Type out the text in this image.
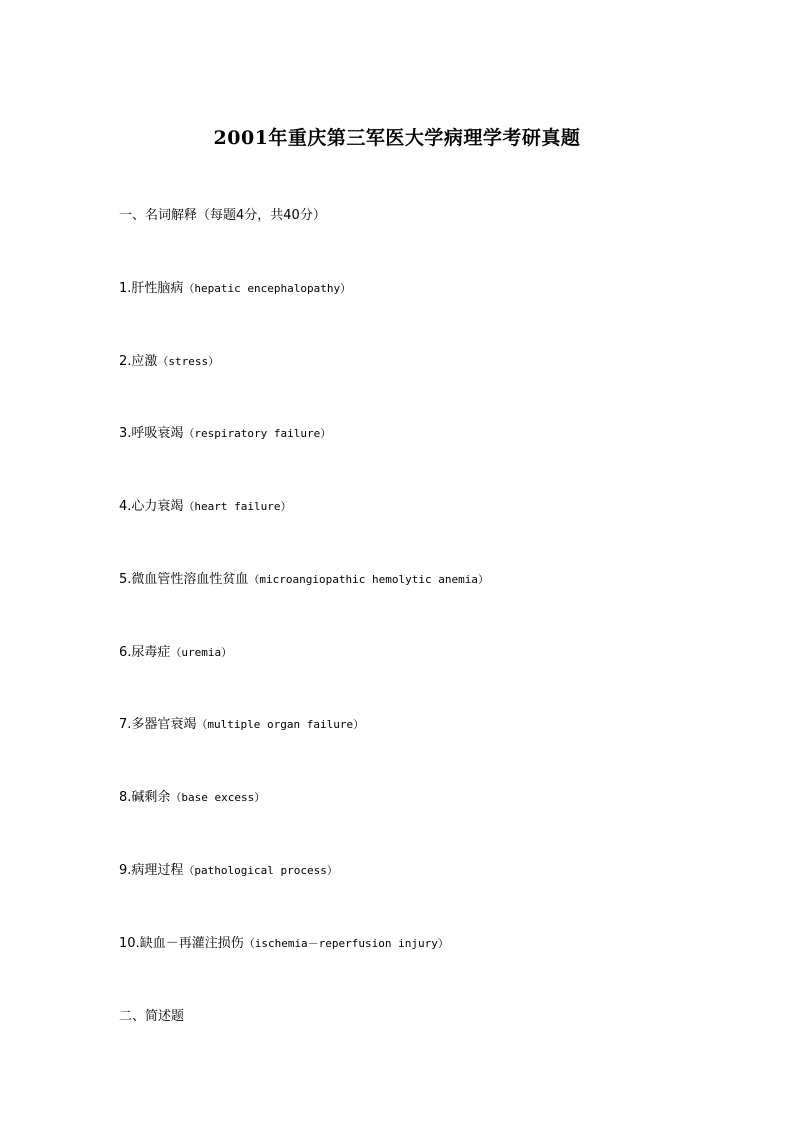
2001年重庆第三军医大学病理学考研真题
一、名词解释（每题4分，共40分）
1.肝性脑病（hepatic encephalopathy）
2.应激（stress）
3.呼吸衰竭（respiratory failure）
4.心力衰竭（heart failure）
5.微血管性溶血性贫血（microangiopathic hemolytic anemia）
6.尿毒症（uremia）
7.多器官衰竭（multiple organ failure）
8.碱剩余（base excess）
9.病理过程（pathological process）
10.缺血－再灌注损伤（ischemia－reperfusion injury）
二、简述题
